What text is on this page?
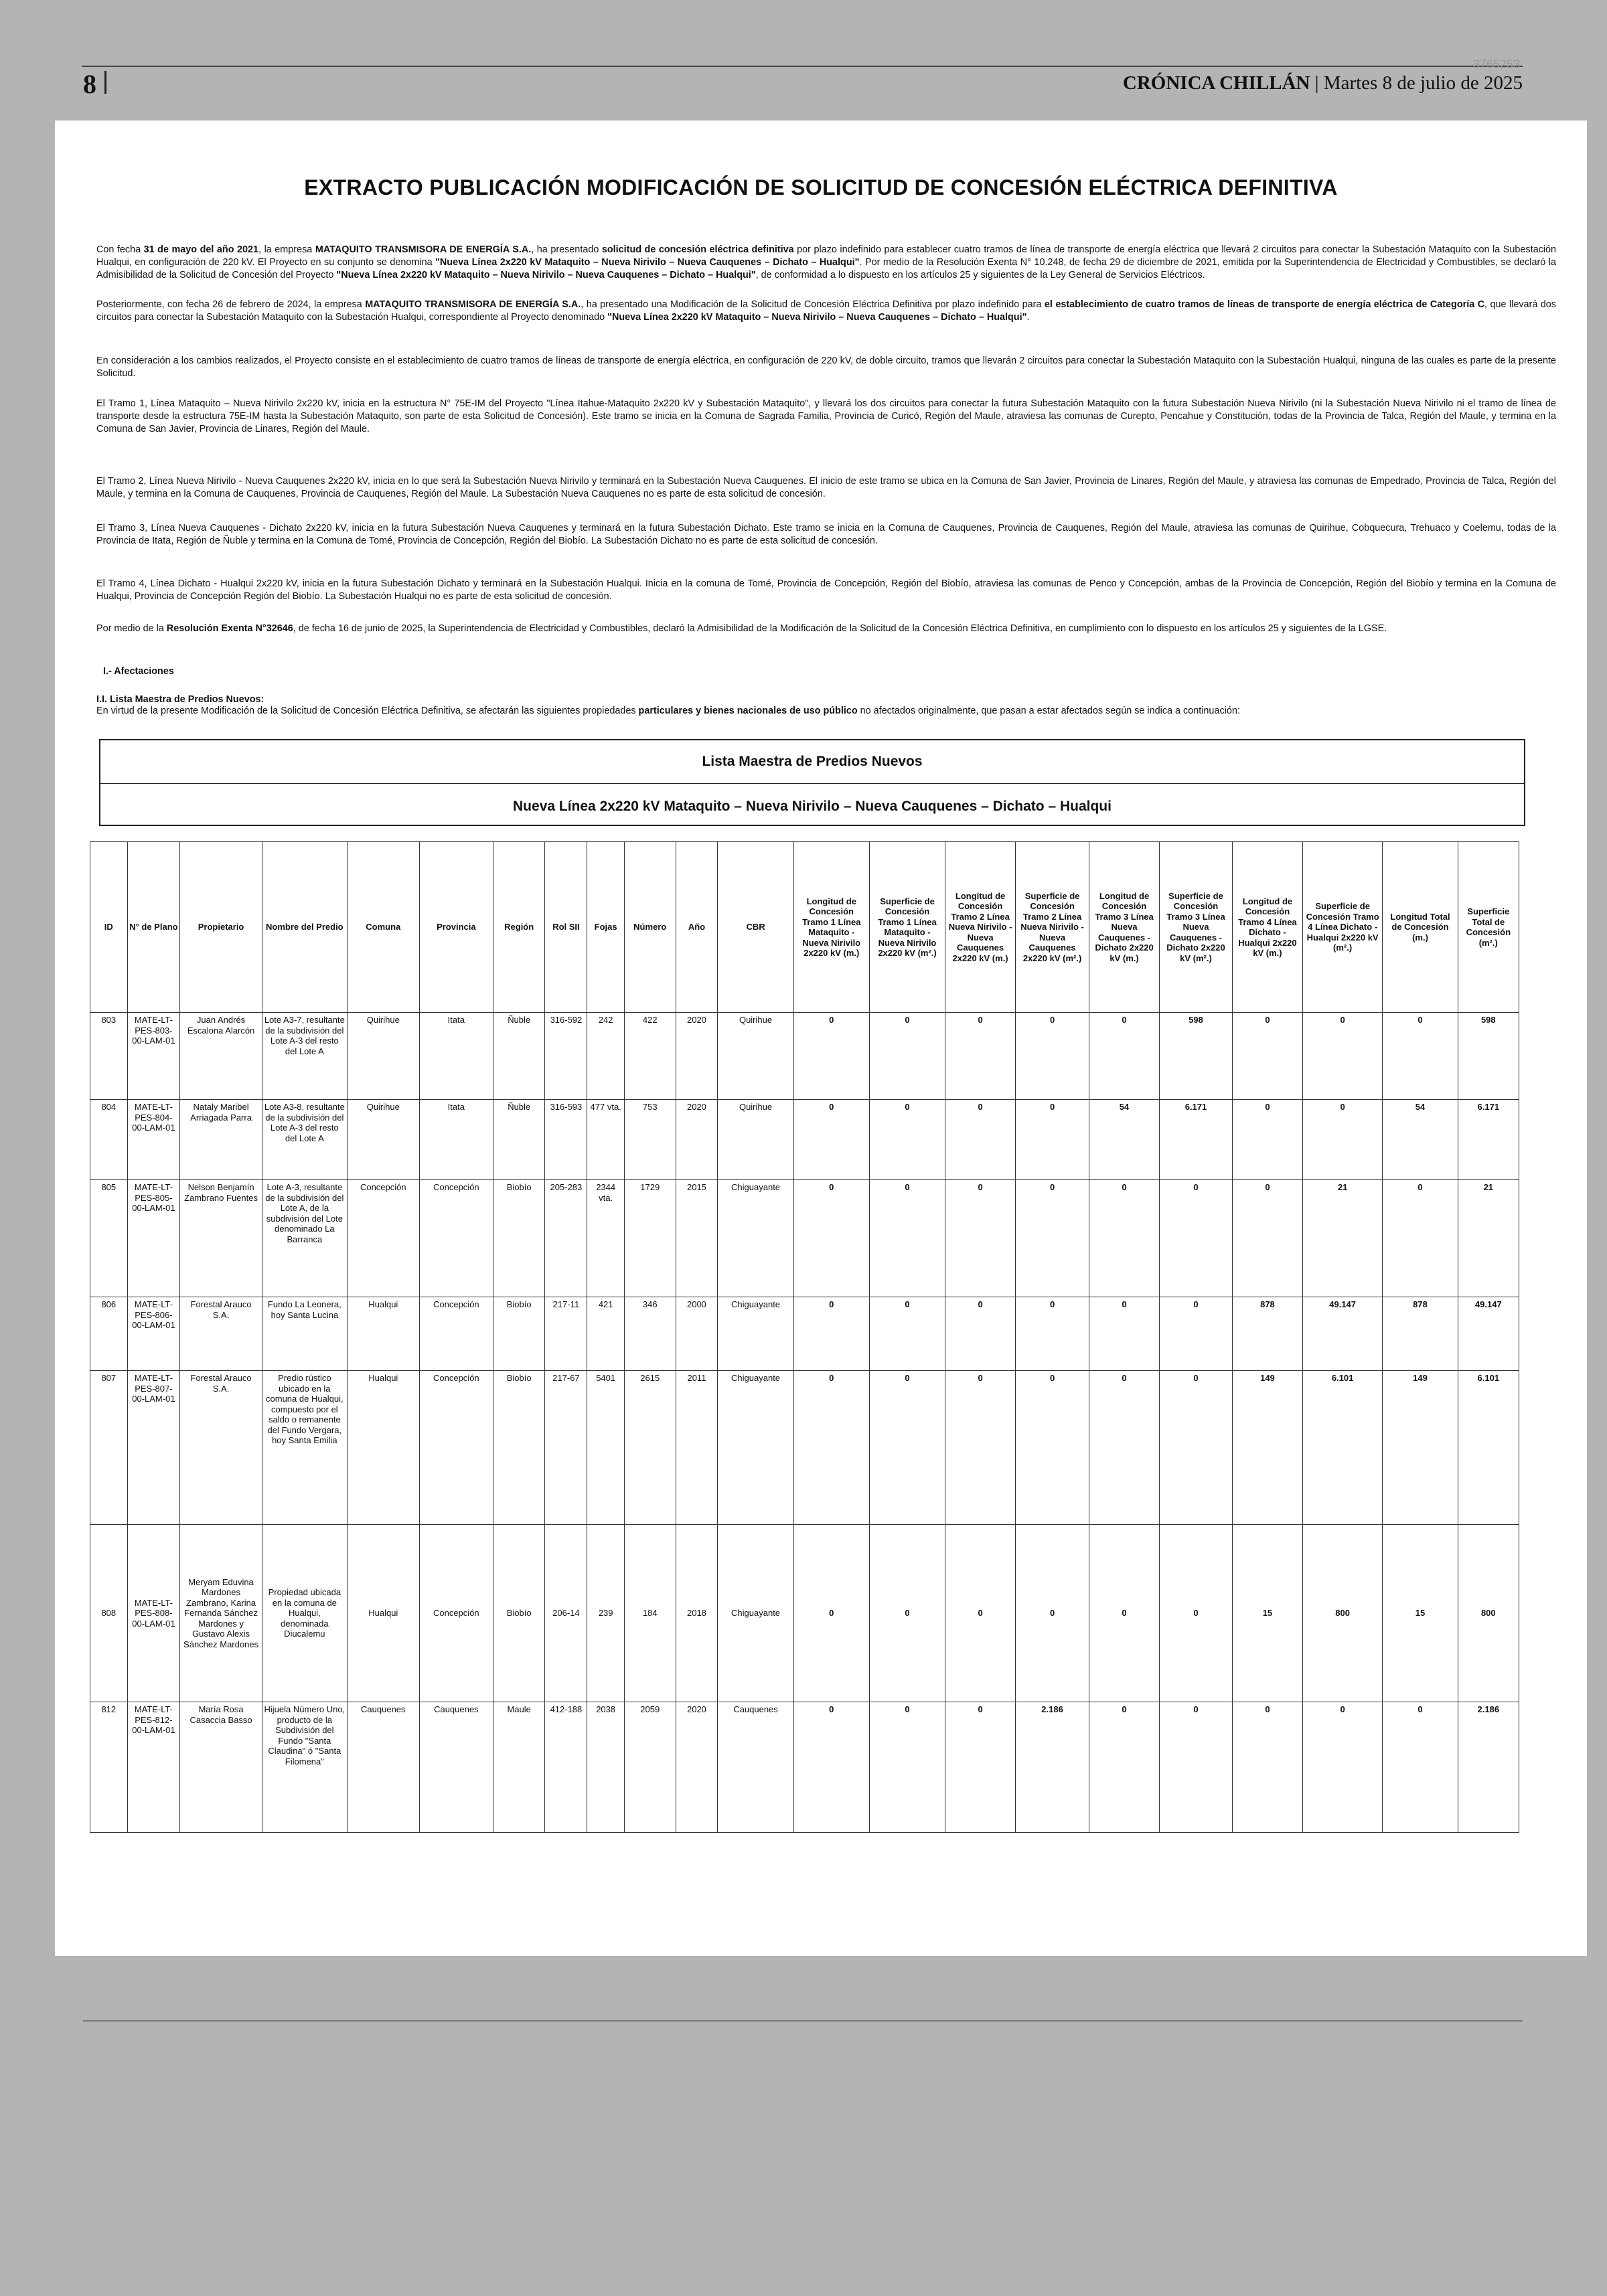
8
3765253
CRÓNICA CHILLÁN | Martes 8 de julio de 2025
EXTRACTO PUBLICACIÓN MODIFICACIÓN DE SOLICITUD DE CONCESIÓN ELÉCTRICA DEFINITIVA
Con fecha 31 de mayo del año 2021, la empresa MATAQUITO TRANSMISORA DE ENERGÍA S.A., ha presentado solicitud de concesión eléctrica definitiva por plazo indefinido para establecer cuatro tramos de línea de transporte de energía eléctrica que llevará 2 circuitos para conectar la Subestación Mataquito con la Subestación Hualqui, en configuración de 220 kV. El Proyecto en su conjunto se denomina "Nueva Línea 2x220 kV Mataquito – Nueva Nirivilo – Nueva Cauquenes – Dichato – Hualqui". Por medio de la Resolución Exenta N° 10.248, de fecha 29 de diciembre de 2021, emitida por la Superintendencia de Electricidad y Combustibles, se declaró la Admisibilidad de la Solicitud de Concesión del Proyecto "Nueva Línea 2x220 kV Mataquito – Nueva Nirivilo – Nueva Cauquenes – Dichato – Hualqui", de conformidad a lo dispuesto en los artículos 25 y siguientes de la Ley General de Servicios Eléctricos.
Posteriormente, con fecha 26 de febrero de 2024, la empresa MATAQUITO TRANSMISORA DE ENERGÍA S.A., ha presentado una Modificación de la Solicitud de Concesión Eléctrica Definitiva por plazo indefinido para el establecimiento de cuatro tramos de líneas de transporte de energía eléctrica de Categoría C, que llevará dos circuitos para conectar la Subestación Mataquito con la Subestación Hualqui, correspondiente al Proyecto denominado "Nueva Línea 2x220 kV Mataquito – Nueva Nirivilo – Nueva Cauquenes – Dichato – Hualqui".
En consideración a los cambios realizados, el Proyecto consiste en el establecimiento de cuatro tramos de líneas de transporte de energía eléctrica, en configuración de 220 kV, de doble circuito, tramos que llevarán 2 circuitos para conectar la Subestación Mataquito con la Subestación Hualqui, ninguna de las cuales es parte de la presente Solicitud.
El Tramo 1, Línea Mataquito – Nueva Nirivilo 2x220 kV, inicia en la estructura N° 75E-IM del Proyecto "Línea Itahue-Mataquito 2x220 kV y Subestación Mataquito", y llevará los dos circuitos para conectar la futura Subestación Mataquito con la futura Subestación Nueva Nirivilo (ni la Subestación Nueva Nirivilo ni el tramo de línea de transporte desde la estructura 75E-IM hasta la Subestación Mataquito, son parte de esta Solicitud de Concesión). Este tramo se inicia en la Comuna de Sagrada Familia, Provincia de Curicó, Región del Maule, atraviesa las comunas de Curepto, Pencahue y Constitución, todas de la Provincia de Talca, Región del Maule, y termina en la Comuna de San Javier, Provincia de Linares, Región del Maule.
El Tramo 2, Línea Nueva Nirivilo - Nueva Cauquenes 2x220 kV, inicia en lo que será la Subestación Nueva Nirivilo y terminará en la Subestación Nueva Cauquenes. El inicio de este tramo se ubica en la Comuna de San Javier, Provincia de Linares, Región del Maule, y atraviesa las comunas de Empedrado, Provincia de Talca, Región del Maule, y termina en la Comuna de Cauquenes, Provincia de Cauquenes, Región del Maule. La Subestación Nueva Cauquenes no es parte de esta solicitud de concesión.
El Tramo 3, Línea Nueva Cauquenes - Dichato 2x220 kV, inicia en la futura Subestación Nueva Cauquenes y terminará en la futura Subestación Dichato. Este tramo se inicia en la Comuna de Cauquenes, Provincia de Cauquenes, Región del Maule, atraviesa las comunas de Quirihue, Cobquecura, Trehuaco y Coelemu, todas de la Provincia de Itata, Región de Ñuble y termina en la Comuna de Tomé, Provincia de Concepción, Región del Biobío. La Subestación Dichato no es parte de esta solicitud de concesión.
El Tramo 4, Línea Dichato - Hualqui 2x220 kV, inicia en la futura Subestación Dichato y terminará en la Subestación Hualqui. Inicia en la comuna de Tomé, Provincia de Concepción, Región del Biobío, atraviesa las comunas de Penco y Concepción, ambas de la Provincia de Concepción, Región del Biobío y termina en la Comuna de Hualqui, Provincia de Concepción Región del Biobío. La Subestación Hualqui no es parte de esta solicitud de concesión.
Por medio de la Resolución Exenta N°32646, de fecha 16 de junio de 2025, la Superintendencia de Electricidad y Combustibles, declaró la Admisibilidad de la Modificación de la Solicitud de la Concesión Eléctrica Definitiva, en cumplimiento con lo dispuesto en los artículos 25 y siguientes de la LGSE.
I.- Afectaciones
I.I. Lista Maestra de Predios Nuevos:
En virtud de la presente Modificación de la Solicitud de Concesión Eléctrica Definitiva, se afectarán las siguientes propiedades particulares y bienes nacionales de uso público no afectados originalmente, que pasan a estar afectados según se indica a continuación:
Lista Maestra de Predios Nuevos
Nueva Línea 2x220 kV Mataquito – Nueva Nirivilo – Nueva Cauquenes – Dichato – Hualqui
ID	N° de Plano	Propietario	Nombre del Predio	Comuna	Provincia	Región	Rol SII	Fojas	Número	Año	CBR	Longitud de Concesión Tramo 1 Línea Mataquito - Nueva Nirivilo 2x220 kV (m.)	Superficie de Concesión Tramo 1 Línea Mataquito - Nueva Nirivilo 2x220 kV (m².)	Longitud de Concesión Tramo 2 Línea Nueva Nirivilo - Nueva Cauquenes 2x220 kV (m.)	Superficie de Concesión Tramo 2 Línea Nueva Nirivilo - Nueva Cauquenes 2x220 kV (m².)	Longitud de Concesión Tramo 3 Línea Nueva Cauquenes - Dichato 2x220 kV (m.)	Superficie de Concesión Tramo 3 Línea Nueva Cauquenes - Dichato 2x220 kV (m².)	Longitud de Concesión Tramo 4 Línea Dichato - Hualqui 2x220 kV (m.)	Superficie de Concesión Tramo 4 Línea Dichato - Hualqui 2x220 kV (m².)	Longitud Total de Concesión (m.)	Superficie Total de Concesión (m².)
803	MATE-LT-PES-803-00-LAM-01	Juan Andrés Escalona Alarcón	Lote A3-7, resultante de la subdivisión del Lote A-3 del resto del Lote A	Quirihue	Itata	Ñuble	316-592	242	422	2020	Quirihue	0	0	0	0	0	598	0	0	0	598
804	MATE-LT-PES-804-00-LAM-01	Nataly Maribel Arriagada Parra	Lote A3-8, resultante de la subdivisión del Lote A-3 del resto del Lote A	Quirihue	Itata	Ñuble	316-593	477 vta.	753	2020	Quirihue	0	0	0	0	54	6.171	0	0	54	6.171
805	MATE-LT-PES-805-00-LAM-01	Nelson Benjamín Zambrano Fuentes	Lote A-3, resultante de la subdivisión del Lote A, de la subdivisión del Lote denominado La Barranca	Concepción	Concepción	Biobío	205-283	2344 vta.	1729	2015	Chiguayante	0	0	0	0	0	0	0	21	0	21
806	MATE-LT-PES-806-00-LAM-01	Forestal Arauco S.A.	Fundo La Leonera, hoy Santa Lucina	Hualqui	Concepción	Biobío	217-11	421	346	2000	Chiguayante	0	0	0	0	0	0	878	49.147	878	49.147
807	MATE-LT-PES-807-00-LAM-01	Forestal Arauco S.A.	Predio rústico ubicado en la comuna de Hualqui, compuesto por el saldo o remanente del Fundo Vergara, hoy Santa Emilia	Hualqui	Concepción	Biobío	217-67	5401	2615	2011	Chiguayante	0	0	0	0	0	0	149	6.101	149	6.101
808	MATE-LT-PES-808-00-LAM-01	Meryam Eduvina Mardones Zambrano, Karina Fernanda Sánchez Mardones y Gustavo Alexis Sánchez Mardones	Propiedad ubicada en la comuna de Hualqui, denominada Diucalemu	Hualqui	Concepción	Biobío	206-14	239	184	2018	Chiguayante	0	0	0	0	0	0	15	800	15	800
812	MATE-LT-PES-812-00-LAM-01	María Rosa Casaccia Basso	Hijuela Número Uno, producto de la Subdivisión del Fundo "Santa Claudina" ó "Santa Filomena"	Cauquenes	Cauquenes	Maule	412-188	2038	2059	2020	Cauquenes	0	0	0	2.186	0	0	0	0	0	2.186
